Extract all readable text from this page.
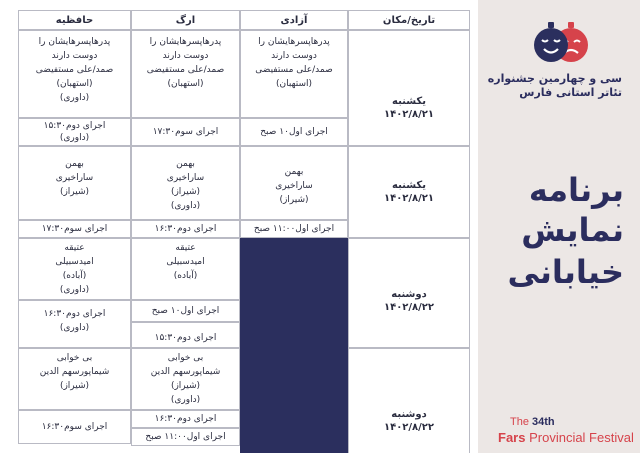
تاریخ/مکان
آزادی
ارگ
حافظیه
یکشنبه
۱۴۰۲/۸/۲۱
پدرهاپسرهایشان را
دوست دارند
صمد/علی مستفیضی
(استهبان)
اجرای اول۱۰ صبح
پدرهاپسرهایشان را
دوست دارند
صمد/علی مستفیضی
(استهبان)
اجرای سوم۱۷:۳۰
پدرهاپسرهایشان را
دوست دارند
صمد/علی مستفیضی
(استهبان)
(داوری)
اجرای دوم۱۵:۳۰
(داوری)
یکشنبه
۱۴۰۲/۸/۲۱
بهمن
ساراخیری
(شیراز)
اجرای اول۱۱:۰۰ صبح
بهمن
ساراخیری
(شیراز)
(داوری)
اجرای دوم۱۶:۳۰
بهمن
ساراخیری
(شیراز)
اجرای سوم۱۷:۳۰
دوشنبه
۱۴۰۲/۸/۲۲
عتیقه
امیدسبیلی
(آباده)
اجرای اول۱۰ صبح
اجرای دوم۱۵:۳۰
عتیقه
امیدسبیلی
(آباده)
(داوری)
اجرای دوم۱۶:۳۰
(داوری)
دوشنبه
۱۴۰۲/۸/۲۲
بی خوابی
شیماپورسهم الدین
(شیراز)
(داوری)
اجرای دوم۱۶:۳۰
اجرای اول۱۱:۰۰ صبح
بی خوابی
شیماپورسهم الدین
(شیراز)
اجرای سوم۱۶:۳۰
سی و چهارمین جشنواره
تئاتر استانی فارس
برنامه
نمایش
خیابانی
The 34th
Fars Provincial Festival
